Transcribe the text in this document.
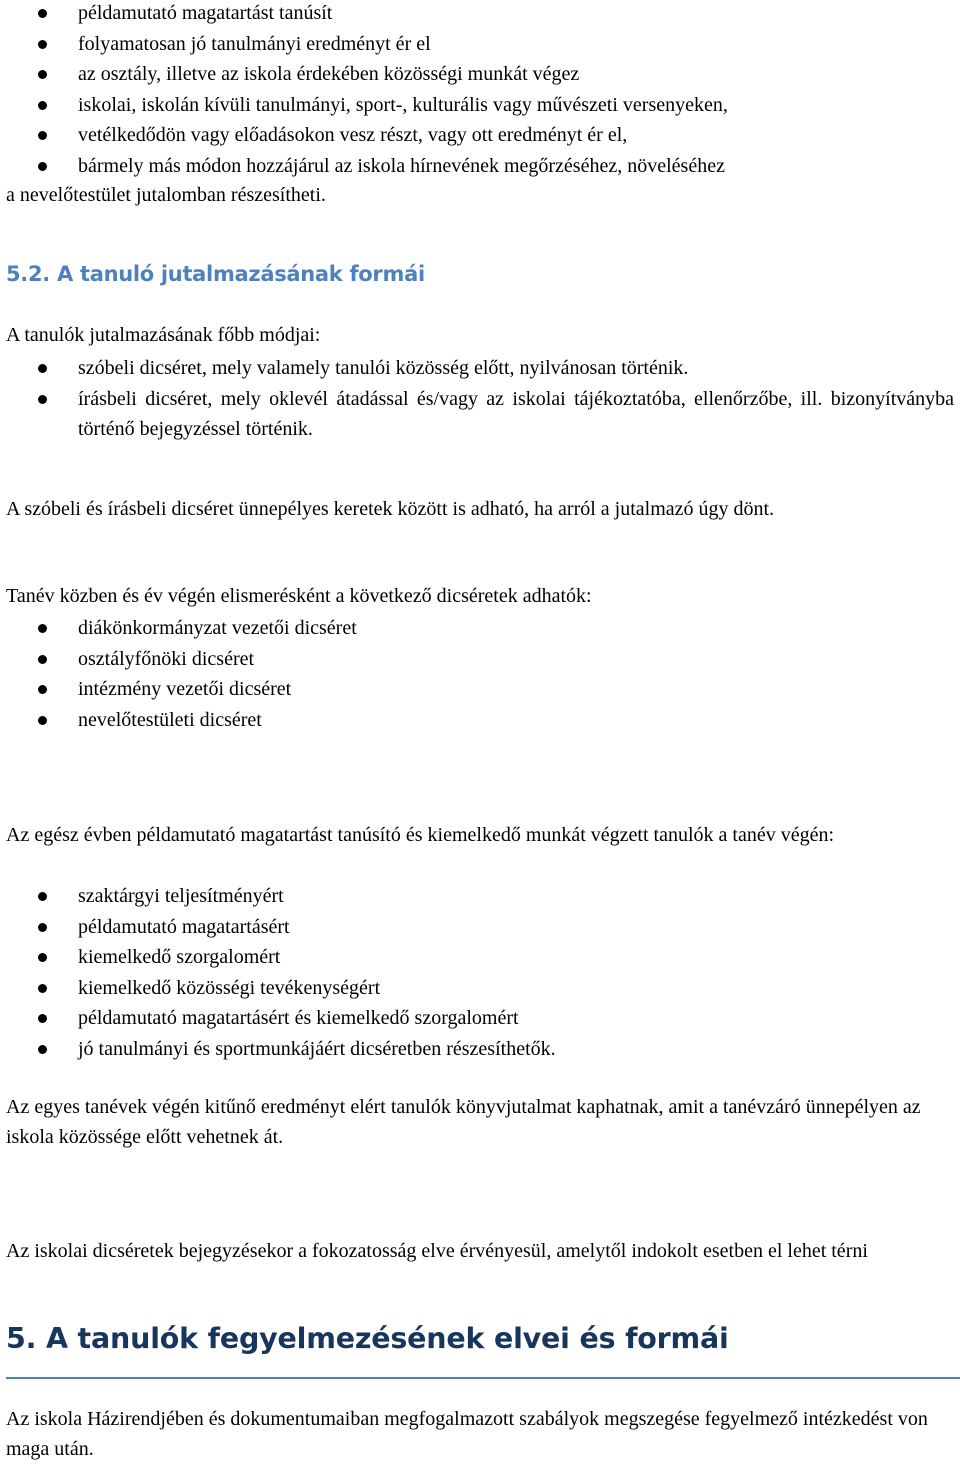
példamutató magatartást tanúsít
folyamatosan jó tanulmányi eredményt ér el
az osztály, illetve az iskola érdekében közösségi munkát végez
iskolai, iskolán kívüli tanulmányi, sport-, kulturális vagy művészeti versenyeken,
vetélkedődön vagy előadásokon vesz részt, vagy ott eredményt ér el,
bármely más módon hozzájárul az iskola hírnevének megőrzéséhez, növeléséhez

a nevelőtestület jutalomban részesítheti.

5.2. A tanuló jutalmazásának formái

A tanulók jutalmazásának főbb módjai:

szóbeli dicséret, mely valamely tanulói közösség előtt, nyilvánosan történik.
írásbeli dicséret, mely oklevél átadással és/vagy az iskolai tájékoztatóba, ellenőrzőbe, ill. bizonyítványba történő bejegyzéssel történik.

A szóbeli és írásbeli dicséret ünnepélyes keretek között is adható, ha arról a jutalmazó úgy dönt.

Tanév közben és év végén elismerésként a következő dicséretek adhatók:

diákönkormányzat vezetői dicséret
osztályfőnöki dicséret
intézmény vezetői dicséret
nevelőtestületi dicséret

Az egész évben példamutató magatartást tanúsító és kiemelkedő munkát végzett tanulók a tanév végén:

szaktárgyi teljesítményért
példamutató magatartásért
kiemelkedő szorgalomért
kiemelkedő közösségi tevékenységért
példamutató magatartásért és kiemelkedő szorgalomért
jó tanulmányi és sportmunkájáért dicséretben részesíthetők.

Az egyes tanévek végén kitűnő eredményt elért tanulók könyvjutalmat kaphatnak, amit a tanévzáró ünnepélyen az iskola közössége előtt vehetnek át.

Az iskolai dicséretek bejegyzésekor a fokozatosság elve érvényesül, amelytől indokolt esetben el lehet térni

5. A tanulók fegyelmezésének elvei és formái

Az iskola Házirendjében és dokumentumaiban megfogalmazott szabályok megszegése fegyelmező intézkedést von maga után.
